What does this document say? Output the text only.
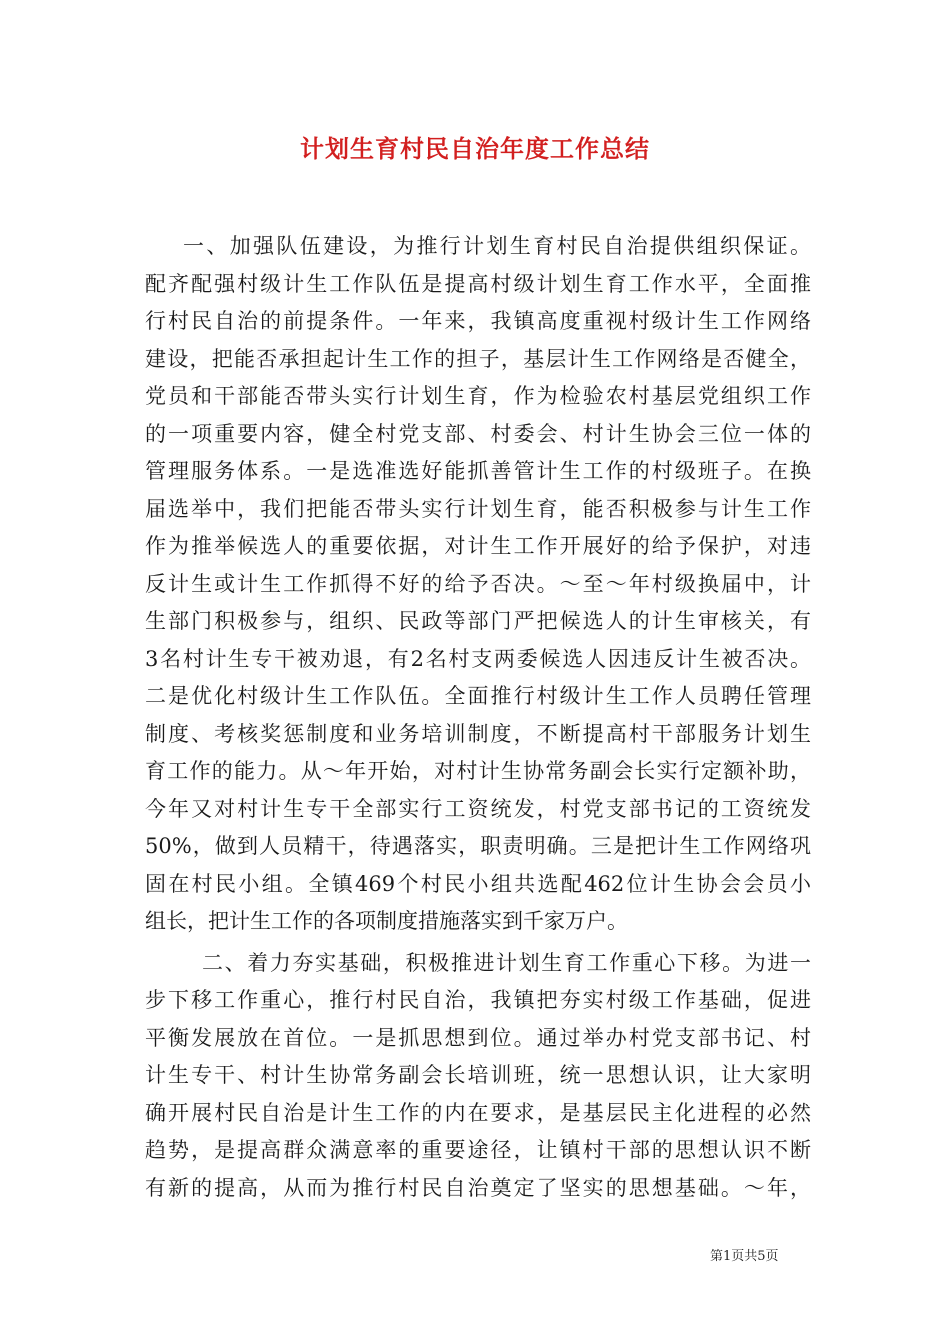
计划生育村民自治年度工作总结
一、加强队伍建设，为推行计划生育村民自治提供组织保证。
配齐配强村级计生工作队伍是提高村级计划生育工作水平，全面推
行村民自治的前提条件。一年来，我镇高度重视村级计生工作网络
建设，把能否承担起计生工作的担子，基层计生工作网络是否健全，
党员和干部能否带头实行计划生育，作为检验农村基层党组织工作
的一项重要内容，健全村党支部、村委会、村计生协会三位一体的
管理服务体系。一是选准选好能抓善管计生工作的村级班子。在换
届选举中，我们把能否带头实行计划生育，能否积极参与计生工作
作为推举候选人的重要依据，对计生工作开展好的给予保护，对违
反计生或计生工作抓得不好的给予否决。～至～年村级换届中，计
生部门积极参与，组织、民政等部门严把候选人的计生审核关，有
3名村计生专干被劝退，有2名村支两委候选人因违反计生被否决。
二是优化村级计生工作队伍。全面推行村级计生工作人员聘任管理
制度、考核奖惩制度和业务培训制度，不断提高村干部服务计划生
育工作的能力。从～年开始，对村计生协常务副会长实行定额补助，
今年又对村计生专干全部实行工资统发，村党支部书记的工资统发
50%，做到人员精干，待遇落实，职责明确。三是把计生工作网络巩
固在村民小组。全镇469个村民小组共选配462位计生协会会员小
组长，把计生工作的各项制度措施落实到千家万户。
二、着力夯实基础，积极推进计划生育工作重心下移。为进一
步下移工作重心，推行村民自治，我镇把夯实村级工作基础，促进
平衡发展放在首位。一是抓思想到位。通过举办村党支部书记、村
计生专干、村计生协常务副会长培训班，统一思想认识，让大家明
确开展村民自治是计生工作的内在要求，是基层民主化进程的必然
趋势，是提高群众满意率的重要途径，让镇村干部的思想认识不断
有新的提高，从而为推行村民自治奠定了坚实的思想基础。～年，
第1页共5页
